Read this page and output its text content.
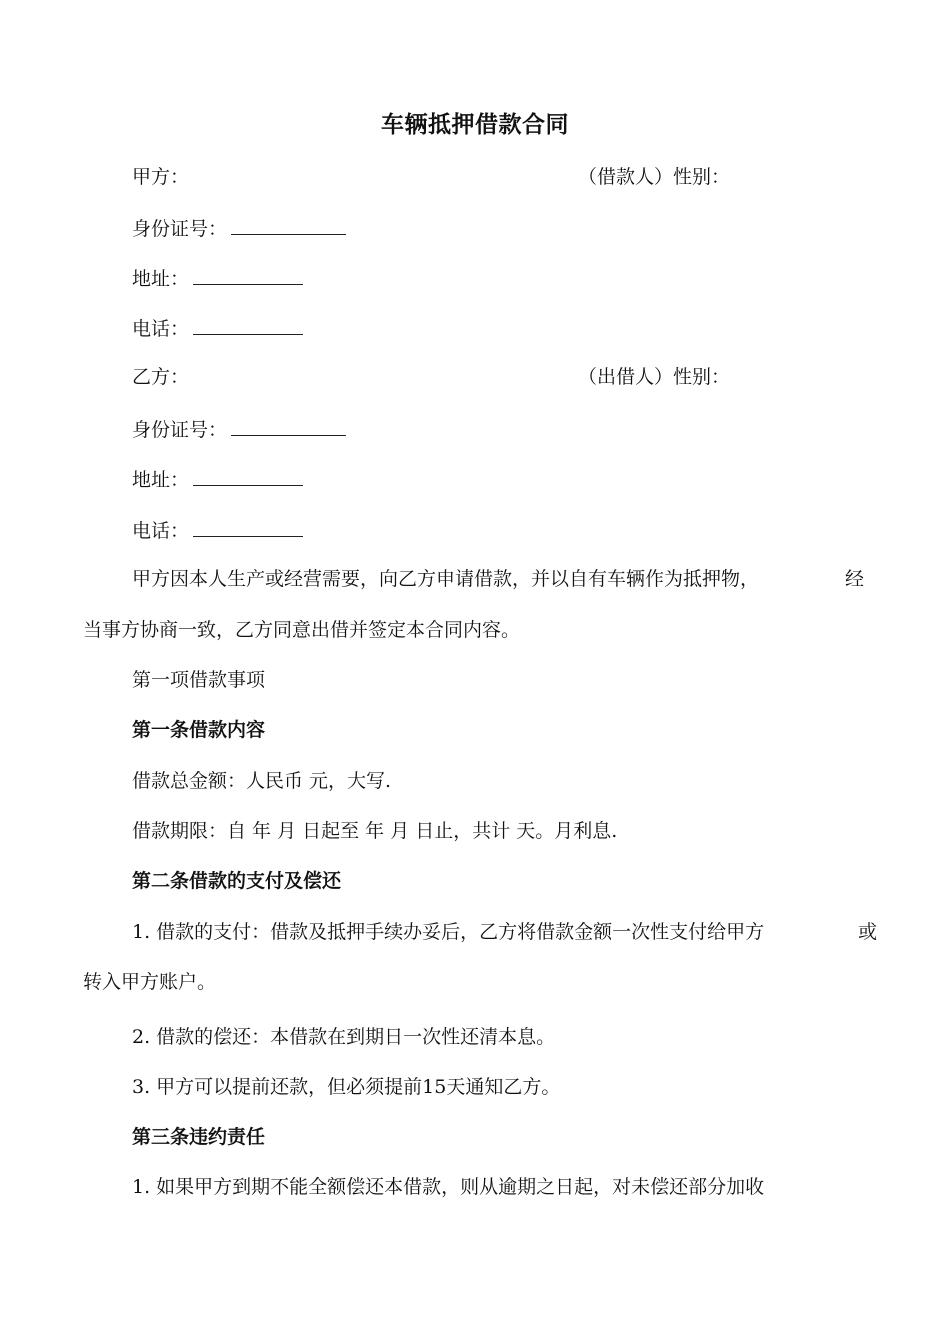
车辆抵押借款合同
甲方：	（借款人）性别：
身份证号：
地址：
电话：
乙方：	（出借人）性别：
身份证号：
地址：
电话：
甲方因本人生产或经营需要，向乙方申请借款，并以自有车辆作为抵押物，	经
当事方协商一致，乙方同意出借并签定本合同内容。
第一项借款事项
第一条借款内容
借款总金额：人民币 元，大写.
借款期限：自 年 月 日起至 年 月 日止，共计 天。月利息.
第二条借款的支付及偿还
1. 借款的支付：借款及抵押手续办妥后，乙方将借款金额一次性支付给甲方	或
转入甲方账户。
2. 借款的偿还：本借款在到期日一次性还清本息。
3. 甲方可以提前还款，但必须提前15天通知乙方。
第三条违约责任
1. 如果甲方到期不能全额偿还本借款，则从逾期之日起，对未偿还部分加收
